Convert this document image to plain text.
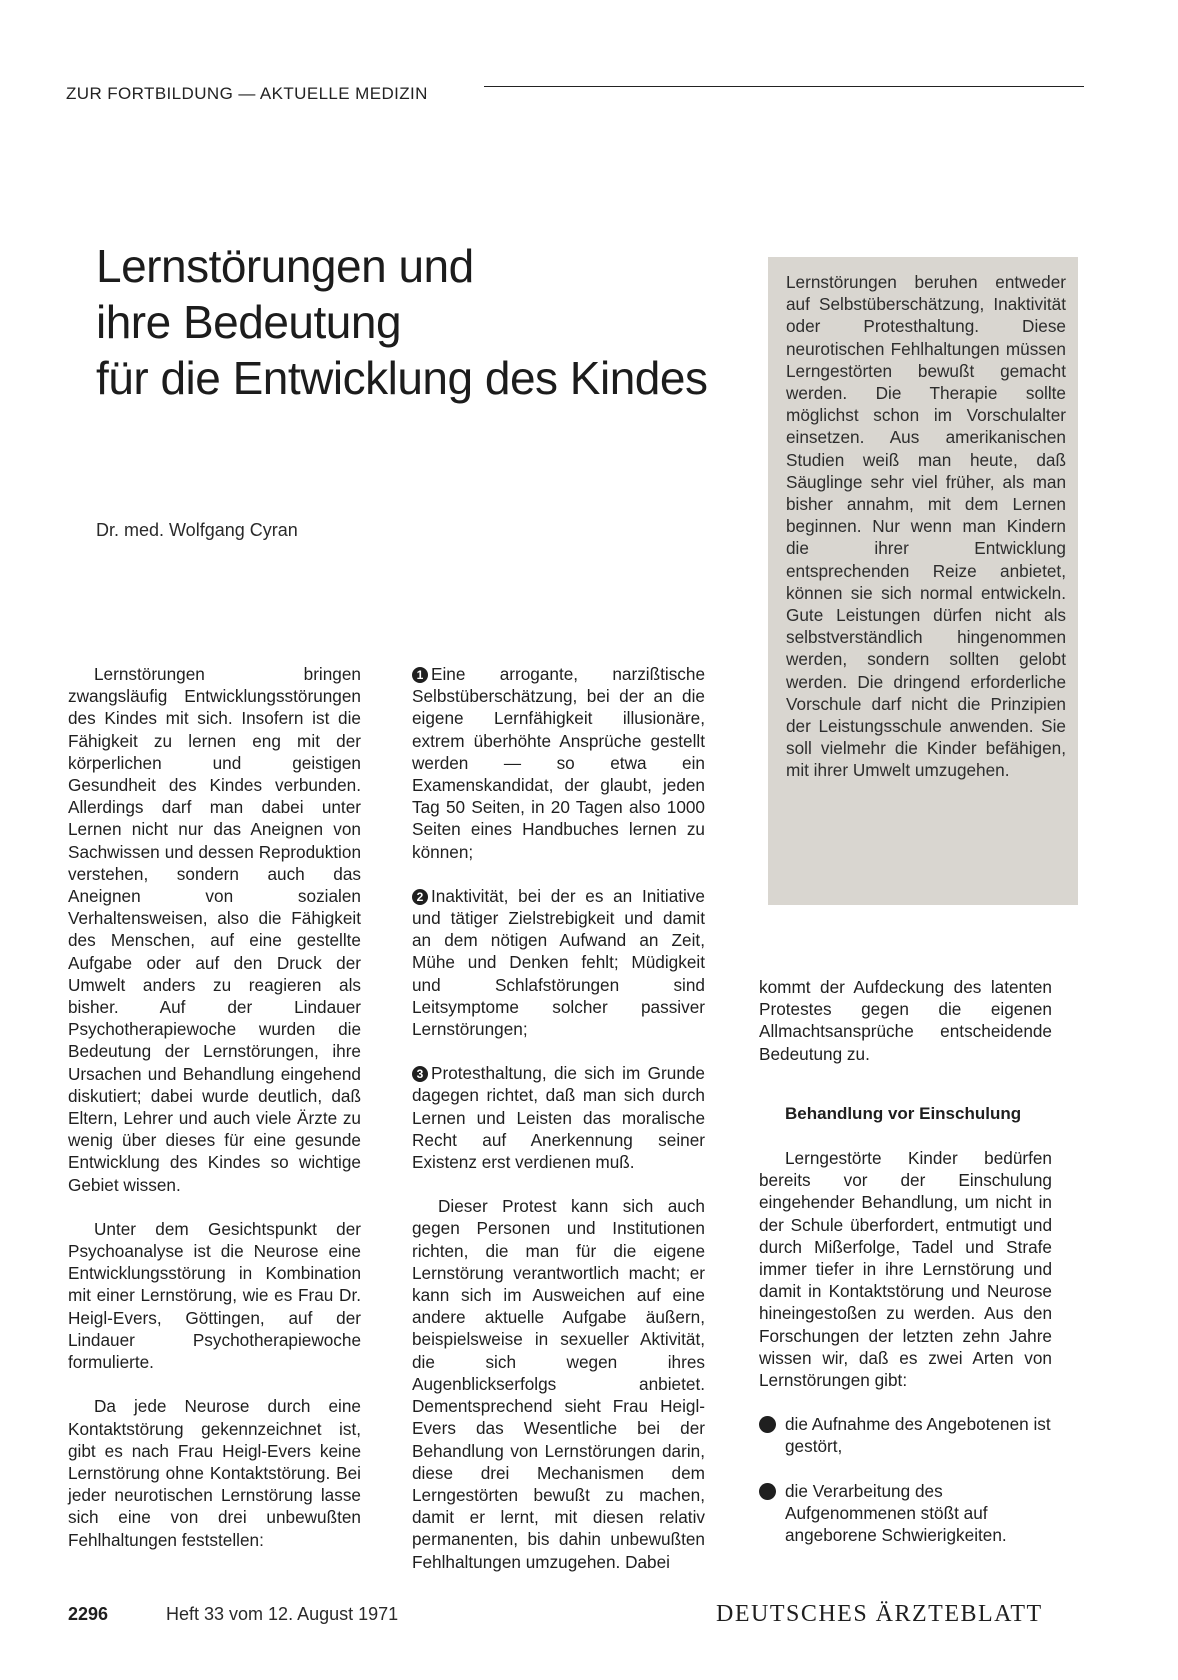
ZUR FORTBILDUNG — AKTUELLE MEDIZIN
Lernstörungen und
ihre Bedeutung
für die Entwicklung des Kindes
Dr. med. Wolfgang Cyran

Lernstörungen beruhen entweder auf Selbstüberschätzung, Inaktivität oder Protesthaltung. Diese neurotischen Fehlhaltungen müssen Lerngestörten bewußt gemacht werden. Die Therapie sollte möglichst schon im Vorschulalter einsetzen. Aus amerikanischen Studien weiß man heute, daß Säuglinge sehr viel früher, als man bisher annahm, mit dem Lernen beginnen. Nur wenn man Kindern die ihrer Entwicklung entsprechenden Reize anbietet, können sie sich normal entwickeln. Gute Leistungen dürfen nicht als selbstverständlich hingenommen werden, sondern sollten gelobt werden. Die dringend erforderliche Vorschule darf nicht die Prinzipien der Leistungsschule anwenden. Sie soll vielmehr die Kinder befähigen, mit ihrer Umwelt umzugehen.

Lernstörungen bringen zwangsläufig Entwicklungsstörungen des Kindes mit sich. Insofern ist die Fähigkeit zu lernen eng mit der körperlichen und geistigen Gesundheit des Kindes verbunden. Allerdings darf man dabei unter Lernen nicht nur das Aneignen von Sachwissen und dessen Reproduktion verstehen, sondern auch das Aneignen von sozialen Verhaltensweisen, also die Fähigkeit des Menschen, auf eine gestellte Aufgabe oder auf den Druck der Umwelt anders zu reagieren als bisher. Auf der Lindauer Psychotherapiewoche wurden die Bedeutung der Lernstörungen, ihre Ursachen und Behandlung eingehend diskutiert; dabei wurde deutlich, daß Eltern, Lehrer und auch viele Ärzte zu wenig über dieses für eine gesunde Entwicklung des Kindes so wichtige Gebiet wissen.

Unter dem Gesichtspunkt der Psychoanalyse ist die Neurose eine Entwicklungsstörung in Kombination mit einer Lernstörung, wie es Frau Dr. Heigl-Evers, Göttingen, auf der Lindauer Psychotherapiewoche formulierte.

Da jede Neurose durch eine Kontaktstörung gekennzeichnet ist, gibt es nach Frau Heigl-Evers keine Lernstörung ohne Kontaktstörung. Bei jeder neurotischen Lernstörung lasse sich eine von drei unbewußten Fehlhaltungen feststellen:

1 Eine arrogante, narzißtische Selbstüberschätzung, bei der an die eigene Lernfähigkeit illusionäre, extrem überhöhte Ansprüche gestellt werden — so etwa ein Examenskandidat, der glaubt, jeden Tag 50 Seiten, in 20 Tagen also 1000 Seiten eines Handbuches lernen zu können;

2 Inaktivität, bei der es an Initiative und tätiger Zielstrebigkeit und damit an dem nötigen Aufwand an Zeit, Mühe und Denken fehlt; Müdigkeit und Schlafstörungen sind Leitsymptome solcher passiver Lernstörungen;

3 Protesthaltung, die sich im Grunde dagegen richtet, daß man sich durch Lernen und Leisten das moralische Recht auf Anerkennung seiner Existenz erst verdienen muß.

Dieser Protest kann sich auch gegen Personen und Institutionen richten, die man für die eigene Lernstörung verantwortlich macht; er kann sich im Ausweichen auf eine andere aktuelle Aufgabe äußern, beispielsweise in sexueller Aktivität, die sich wegen ihres Augenblickserfolgs anbietet. Dementsprechend sieht Frau Heigl-Evers das Wesentliche bei der Behandlung von Lernstörungen darin, diese drei Mechanismen dem Lerngestörten bewußt zu machen, damit er lernt, mit diesen relativ permanenten, bis dahin unbewußten Fehlhaltungen umzugehen. Dabei

kommt der Aufdeckung des latenten Protestes gegen die eigenen Allmachtsansprüche entscheidende Bedeutung zu.

Behandlung vor Einschulung

Lerngestörte Kinder bedürfen bereits vor der Einschulung eingehender Behandlung, um nicht in der Schule überfordert, entmutigt und durch Mißerfolge, Tadel und Strafe immer tiefer in ihre Lernstörung und damit in Kontaktstörung und Neurose hineingestoßen zu werden. Aus den Forschungen der letzten zehn Jahre wissen wir, daß es zwei Arten von Lernstörungen gibt:

die Aufnahme des Angebotenen ist gestört,
die Verarbeitung des Aufgenommenen stößt auf angeborene Schwierigkeiten.
2296	Heft 33 vom 12. August 1971	DEUTSCHES ÄRZTEBLATT
